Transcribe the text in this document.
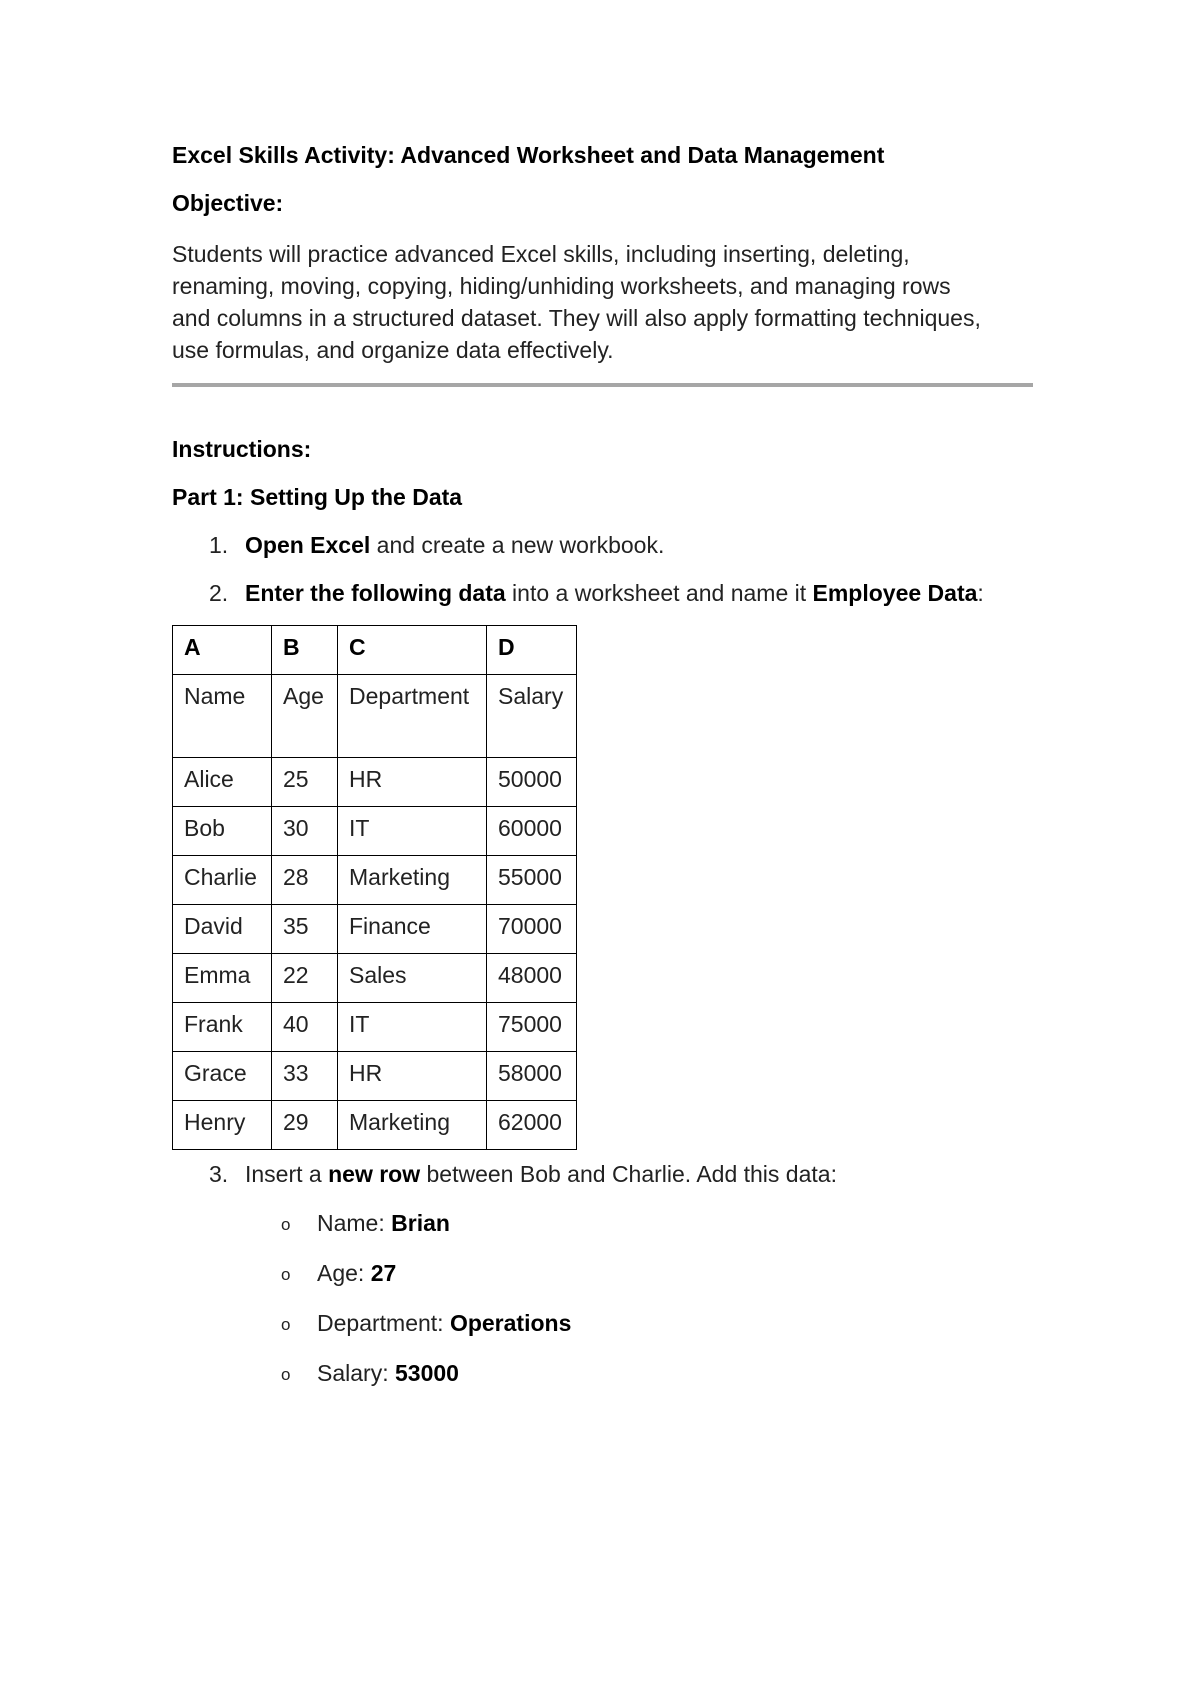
Excel Skills Activity: Advanced Worksheet and Data Management
Objective:
Students will practice advanced Excel skills, including inserting, deleting,
renaming, moving, copying, hiding/unhiding worksheets, and managing rows
and columns in a structured dataset. They will also apply formatting techniques,
use formulas, and organize data effectively.
Instructions:
Part 1: Setting Up the Data
1. Open Excel and create a new workbook.
2. Enter the following data into a worksheet and name it Employee Data:
A	B	C	D
Name	Age	Department	Salary
Alice	25	HR	50000
Bob	30	IT	60000
Charlie	28	Marketing	55000
David	35	Finance	70000
Emma	22	Sales	48000
Frank	40	IT	75000
Grace	33	HR	58000
Henry	29	Marketing	62000
3. Insert a new row between Bob and Charlie. Add this data:
o Name: Brian
o Age: 27
o Department: Operations
o Salary: 53000
